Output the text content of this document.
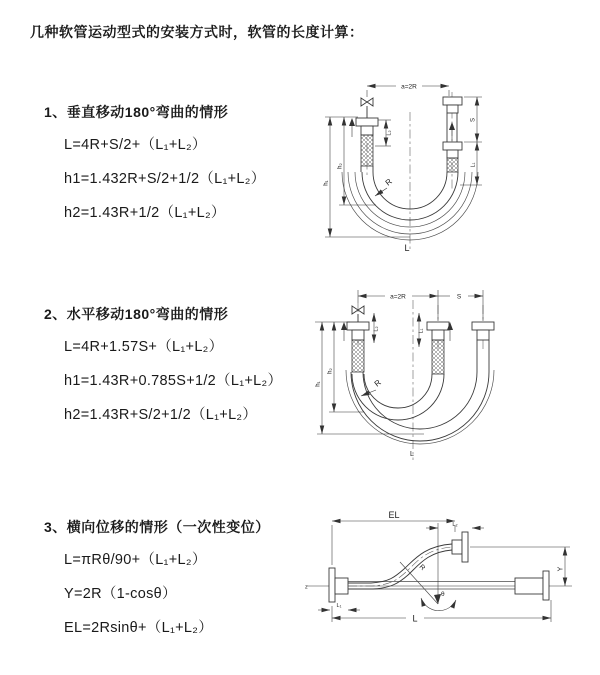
几种软管运动型式的安装方式时，软管的长度计算：
1、垂直移动180°弯曲的情形
L=4R+S/2+（L₁+L₂）
h1=1.432R+S/2+1/2（L₁+L₂）
h2=1.43R+1/2（L₁+L₂）
2、水平移动180°弯曲的情形
L=4R+1.57S+（L₁+L₂）
h1=1.43R+0.785S+1/2（L₁+L₂）
h2=1.43R+S/2+1/2（L₁+L₂）
3、横向位移的情形（一次性变位）
L=πRθ/90+（L₁+L₂）
Y=2R（1-cosθ）
EL=2Rsinθ+（L₁+L₂）
a=2R
h₁
h₂
L₂
S
L₁
R
L
a=2R	S
h₁
h₂
L₂	L₁
R
L
z
EL
L₂
Y
R
θ
L₁
L
